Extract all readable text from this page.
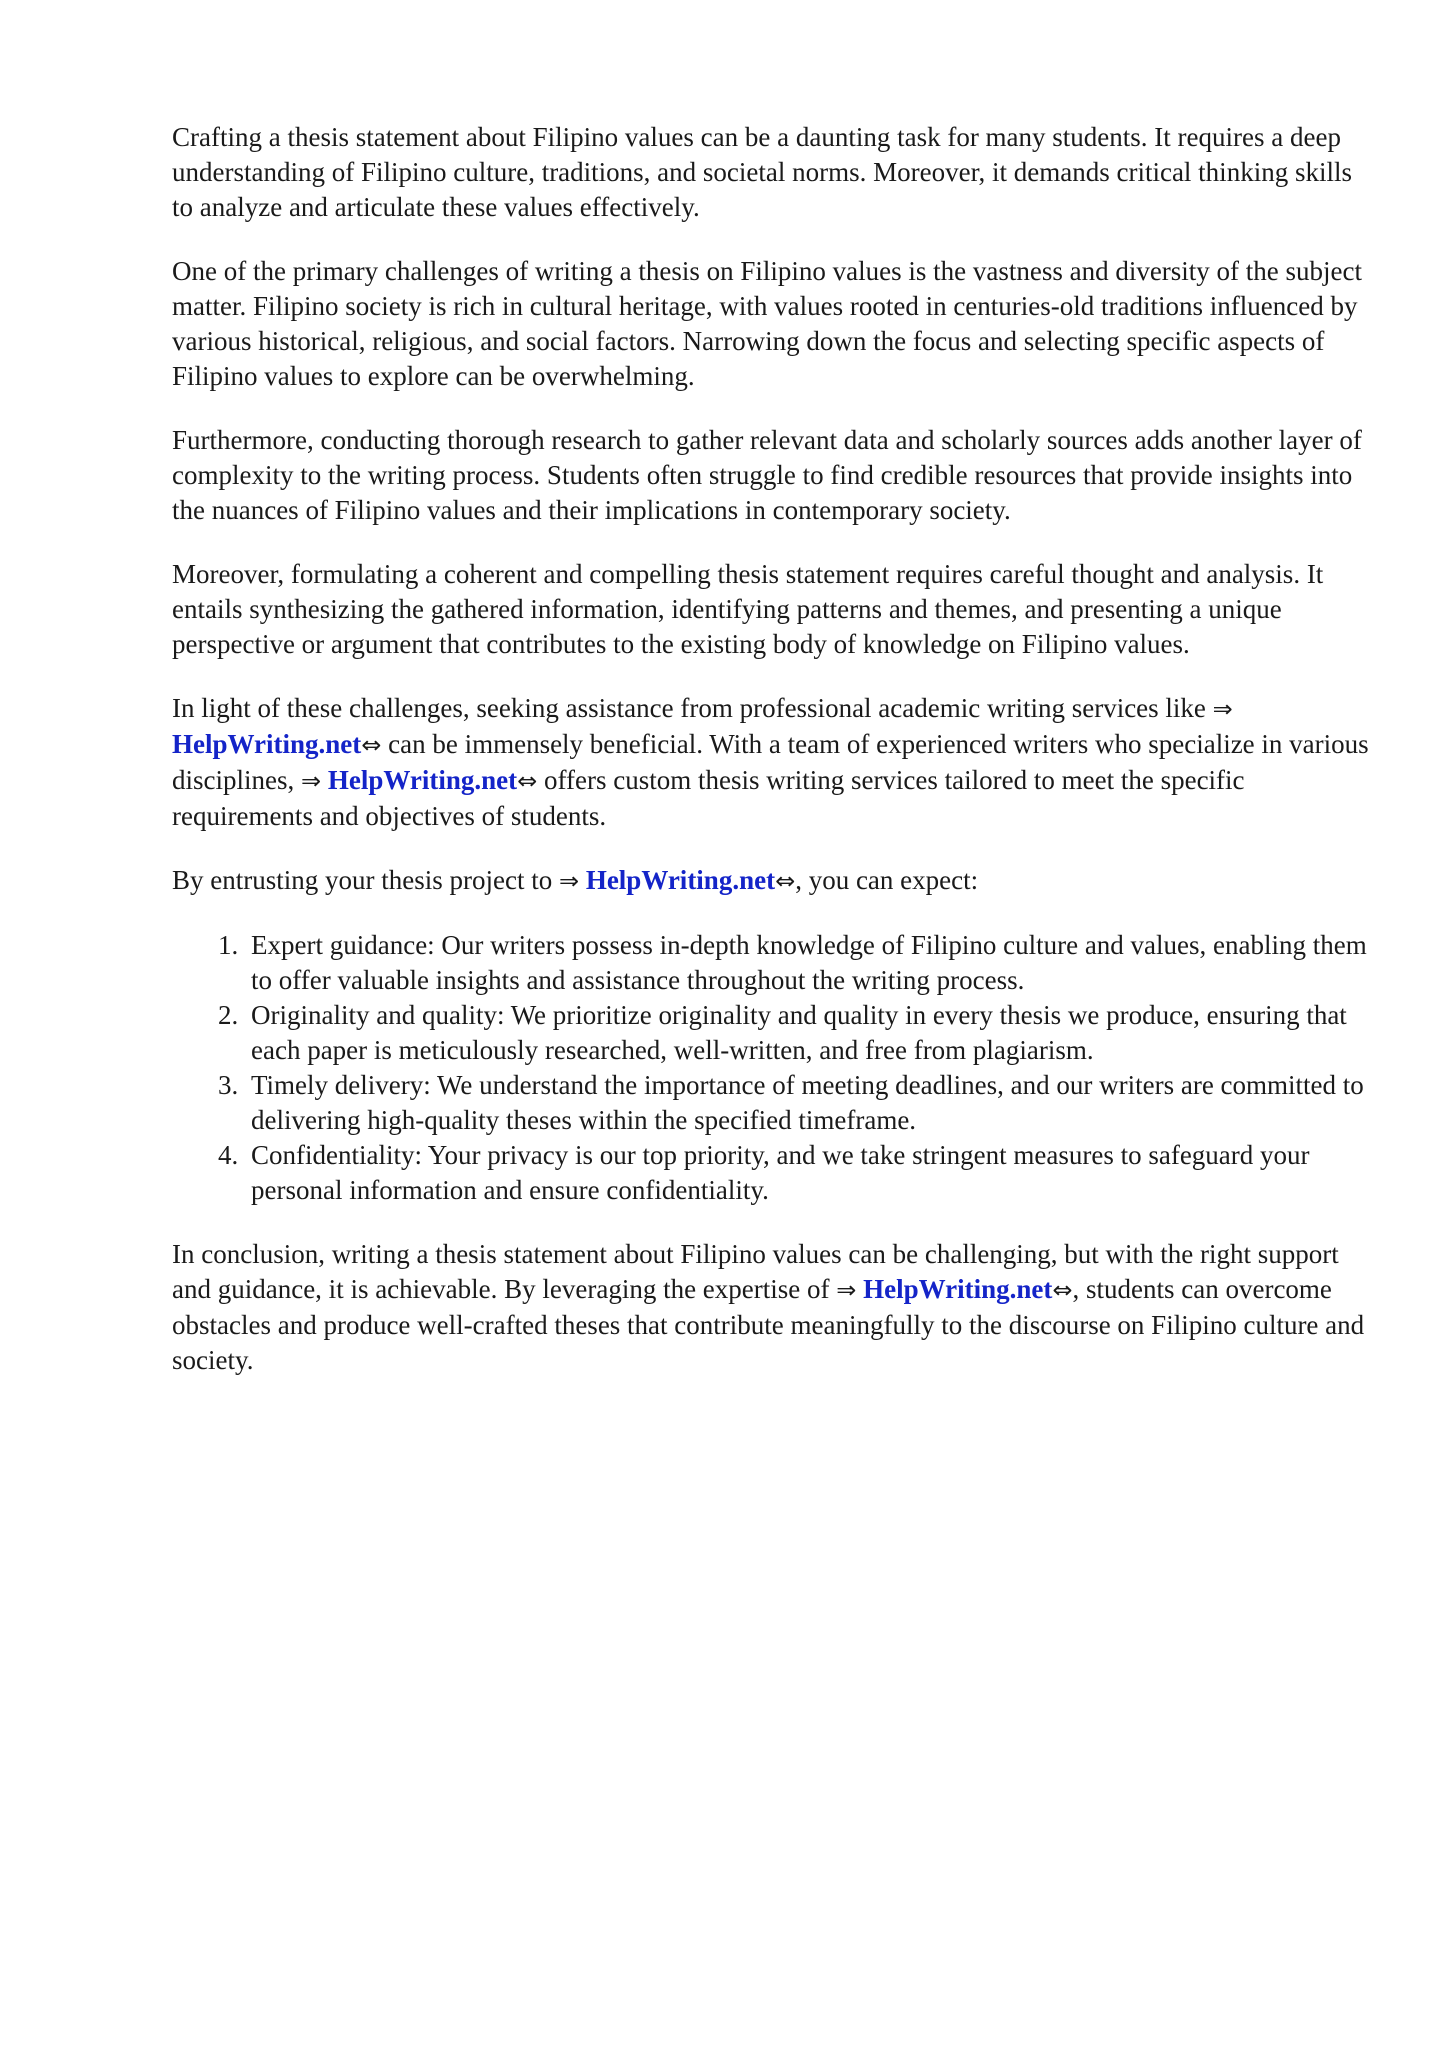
Crafting a thesis statement about Filipino values can be a daunting task for many students. It requires a deep understanding of Filipino culture, traditions, and societal norms. Moreover, it demands critical thinking skills to analyze and articulate these values effectively.

One of the primary challenges of writing a thesis on Filipino values is the vastness and diversity of the subject matter. Filipino society is rich in cultural heritage, with values rooted in centuries-old traditions influenced by various historical, religious, and social factors. Narrowing down the focus and selecting specific aspects of Filipino values to explore can be overwhelming.

Furthermore, conducting thorough research to gather relevant data and scholarly sources adds another layer of complexity to the writing process. Students often struggle to find credible resources that provide insights into the nuances of Filipino values and their implications in contemporary society.

Moreover, formulating a coherent and compelling thesis statement requires careful thought and analysis. It entails synthesizing the gathered information, identifying patterns and themes, and presenting a unique perspective or argument that contributes to the existing body of knowledge on Filipino values.

In light of these challenges, seeking assistance from professional academic writing services like ⇒ HelpWriting.net⇔ can be immensely beneficial. With a team of experienced writers who specialize in various disciplines, ⇒ HelpWriting.net⇔ offers custom thesis writing services tailored to meet the specific requirements and objectives of students.

By entrusting your thesis project to ⇒ HelpWriting.net⇔, you can expect:

1. Expert guidance: Our writers possess in-depth knowledge of Filipino culture and values, enabling them to offer valuable insights and assistance throughout the writing process.
2. Originality and quality: We prioritize originality and quality in every thesis we produce, ensuring that each paper is meticulously researched, well-written, and free from plagiarism.
3. Timely delivery: We understand the importance of meeting deadlines, and our writers are committed to delivering high-quality theses within the specified timeframe.
4. Confidentiality: Your privacy is our top priority, and we take stringent measures to safeguard your personal information and ensure confidentiality.

In conclusion, writing a thesis statement about Filipino values can be challenging, but with the right support and guidance, it is achievable. By leveraging the expertise of ⇒ HelpWriting.net⇔, students can overcome obstacles and produce well-crafted theses that contribute meaningfully to the discourse on Filipino culture and society.
